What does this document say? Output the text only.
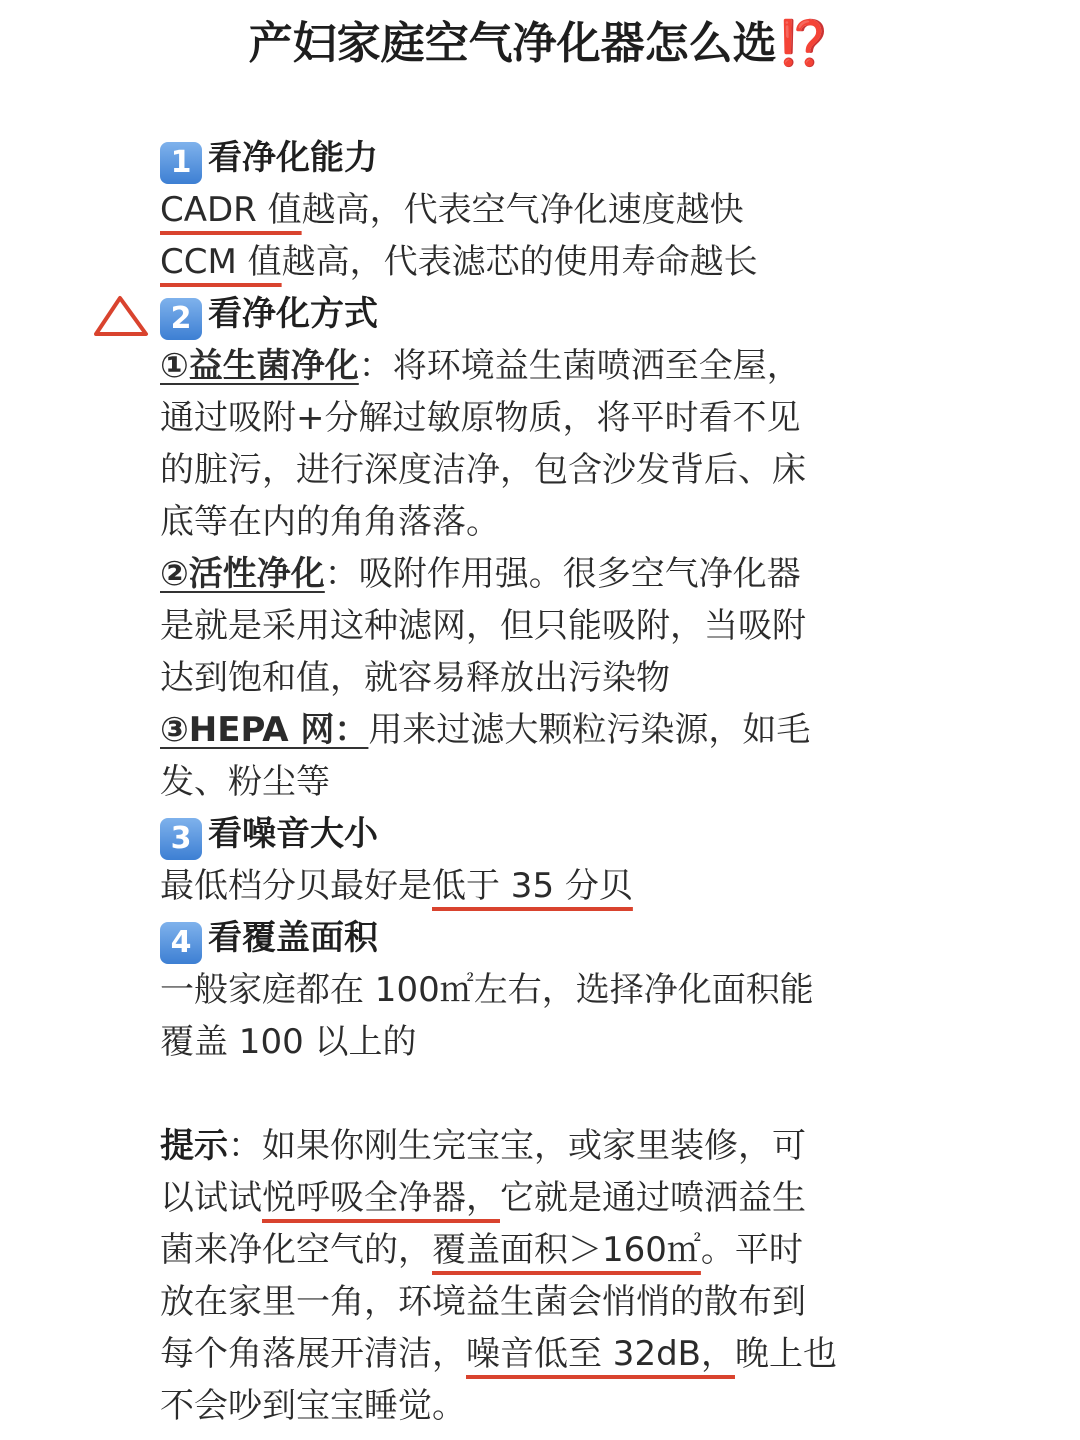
产妇家庭空气净化器怎么选⁉️
1 看净化能力
CADR 值越高，代表空气净化速度越快
CCM 值越高，代表滤芯的使用寿命越长
2 看净化方式
①益生菌净化：将环境益生菌喷洒至全屋，
通过吸附+分解过敏原物质，将平时看不见
的脏污，进行深度洁净，包含沙发背后、床
底等在内的角角落落。
②活性净化：吸附作用强。很多空气净化器
是就是采用这种滤网，但只能吸附，当吸附
达到饱和值，就容易释放出污染物
③HEPA 网：用来过滤大颗粒污染源，如毛
发、粉尘等
3 看噪音大小
最低档分贝最好是低于 35 分贝
4 看覆盖面积
一般家庭都在 100㎡左右，选择净化面积能
覆盖 100 以上的
提示：如果你刚生完宝宝，或家里装修，可
以试试悦呼吸全净器，它就是通过喷洒益生
菌来净化空气的，覆盖面积＞160㎡。平时
放在家里一角，环境益生菌会悄悄的散布到
每个角落展开清洁，噪音低至 32dB，晚上也
不会吵到宝宝睡觉。
